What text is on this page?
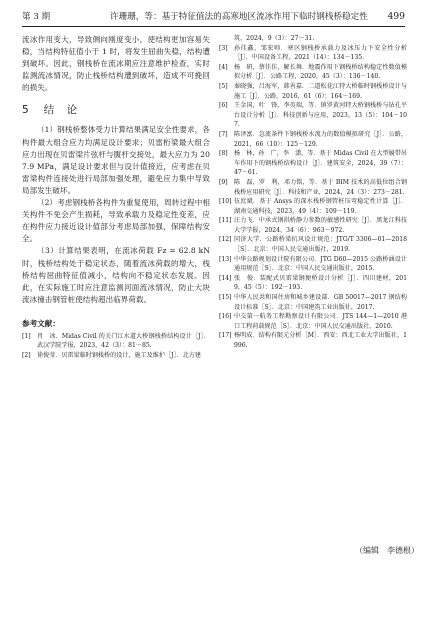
第 3 期	许珊珊，等：基于特征值法的高寒地区流冰作用下临时钢栈桥稳定性 499

流冰作用变大，导致侧向刚度变小，使结构更加容易失稳，当结构特征值小于 1 时，将发生屈曲失稳，结构遭到破坏。因此，钢栈桥在流冰期应注意维护检查，实时监测流冰情况，防止栈桥结构遭到破坏，造成不可挽回的损失。

5 结　论

（1）钢栈桥整体受力计算结果满足安全性要求，各构件最大组合应力均满足设计要求；贝雷桁梁最大组合应力出现在贝雷梁片弦杆与腹杆交接处，最大应力为 207.9 MPa，满足设计要求但与设计值接近，应考虑在贝雷梁构件连接处进行局部加强处理，避免应力集中导致局部发生破坏。

（2）考虑钢栈桥各构件为重复使用，周转过程中相关构件不免会产生损耗，导致承载力及稳定性变差，应在构件应力接近设计值部分考虑局部加强，保障结构安全。

（3）计算结果表明，在流冰荷载 Fz = 62.8 kN 时，栈桥结构处于稳定状态，随着流冰荷载的增大，栈桥结构屈曲特征值减小，结构向不稳定状态发展。因此，在实际施工时应注意监测河面流冰情况，防止大块流冰撞击钢管桩使结构超出临界荷载。

参考文献：

[1] 肖　冰．Midas Civil 的关门江水道大桥钢栈桥结构设计［J］．武汉学院学报，2023，42（3）：81－85.

[2] 徐俊莹．贝雷梁临时钢栈桥的设计、施工及维护［J］．北方建

筑，2024，9（3）：27－31.

[3] 孙佳鑫，邹宏帅．寒区钢栈桥承载力及冰压力下安全性分析［J］．中国设备工程，2021（14）：134－135.

[4] 杨　研，蔡佳佳，解长舞．地震作用下钢栈桥结构稳定性数值模拟分析［J］．公路工程，2020，45（3）：136－140.

[5] 秦晓强，吕海军，韩善嘉．二道松花江特大桥临时钢栈桥设计与施工［J］．公路，2016，61（6）：164－169.

[6] 王金国，叶　锋，李英瑞，等．镇罗黄河特大桥钢栈桥与钻孔平台设计分析［J］．科技创新与应用，2023，13（5）：104－107.

[7] 陈泽富．急流条件下钢栈桥水流力的数值模拟研究［J］．公路，2021，66（10）：125－129.

[8] 杨　林，孙　广，李　潇，等．基于 Midas Civil 在大型履带吊车作用下的钢栈桥结构设计［J］．建筑安全，2024，39（7）：47－61.

[9] 陈　磊，罗　利，邓力铭，等．基于 BIM 技术的高低位组合钢栈桥应用研究［J］．科技和产业，2024，24（3）：273－281.

[10] 伍庶斌．基于 Ansys 的深水栈桥钢管桩压弯稳定性计算［J］．湖南交通科技，2023，49（4）：109－119.

[11] 汪力飞．中承式钢拱桥静力参数的敏感性研究［J］．黑龙江科技大学学报，2024，34（6）：963－972.

[12] 同济大学．公路桥梁抗风设计规范：JTG/T 3306—01—2018［S］．北京：中国人民交通出版社，2019.

[13] 中华公路规划设计院有限公司．JTG D60—2015 公路桥涵设计通用规范［S］．北京：中国人民交通出版社，2015.

[14] 张　俊．装配式贝雷梁钢便桥设计分析［J］．四川建材，2019，45（5）：192－193.

[15] 中华人民共和国住房和城乡建设部．GB 50017—2017 钢结构设计标准［S］．北京：中国建筑工业出版社，2017.

[16] 中交第一航务工程勘察设计有限公司．JTS 144—1—2010 港口工程荷载规范［S］．北京：中国人民交通出版社，2010.

[17] 杨明成．结构有限元分析［M］．西安：西北工业大学出版社，1996.

（编辑　李德根）
